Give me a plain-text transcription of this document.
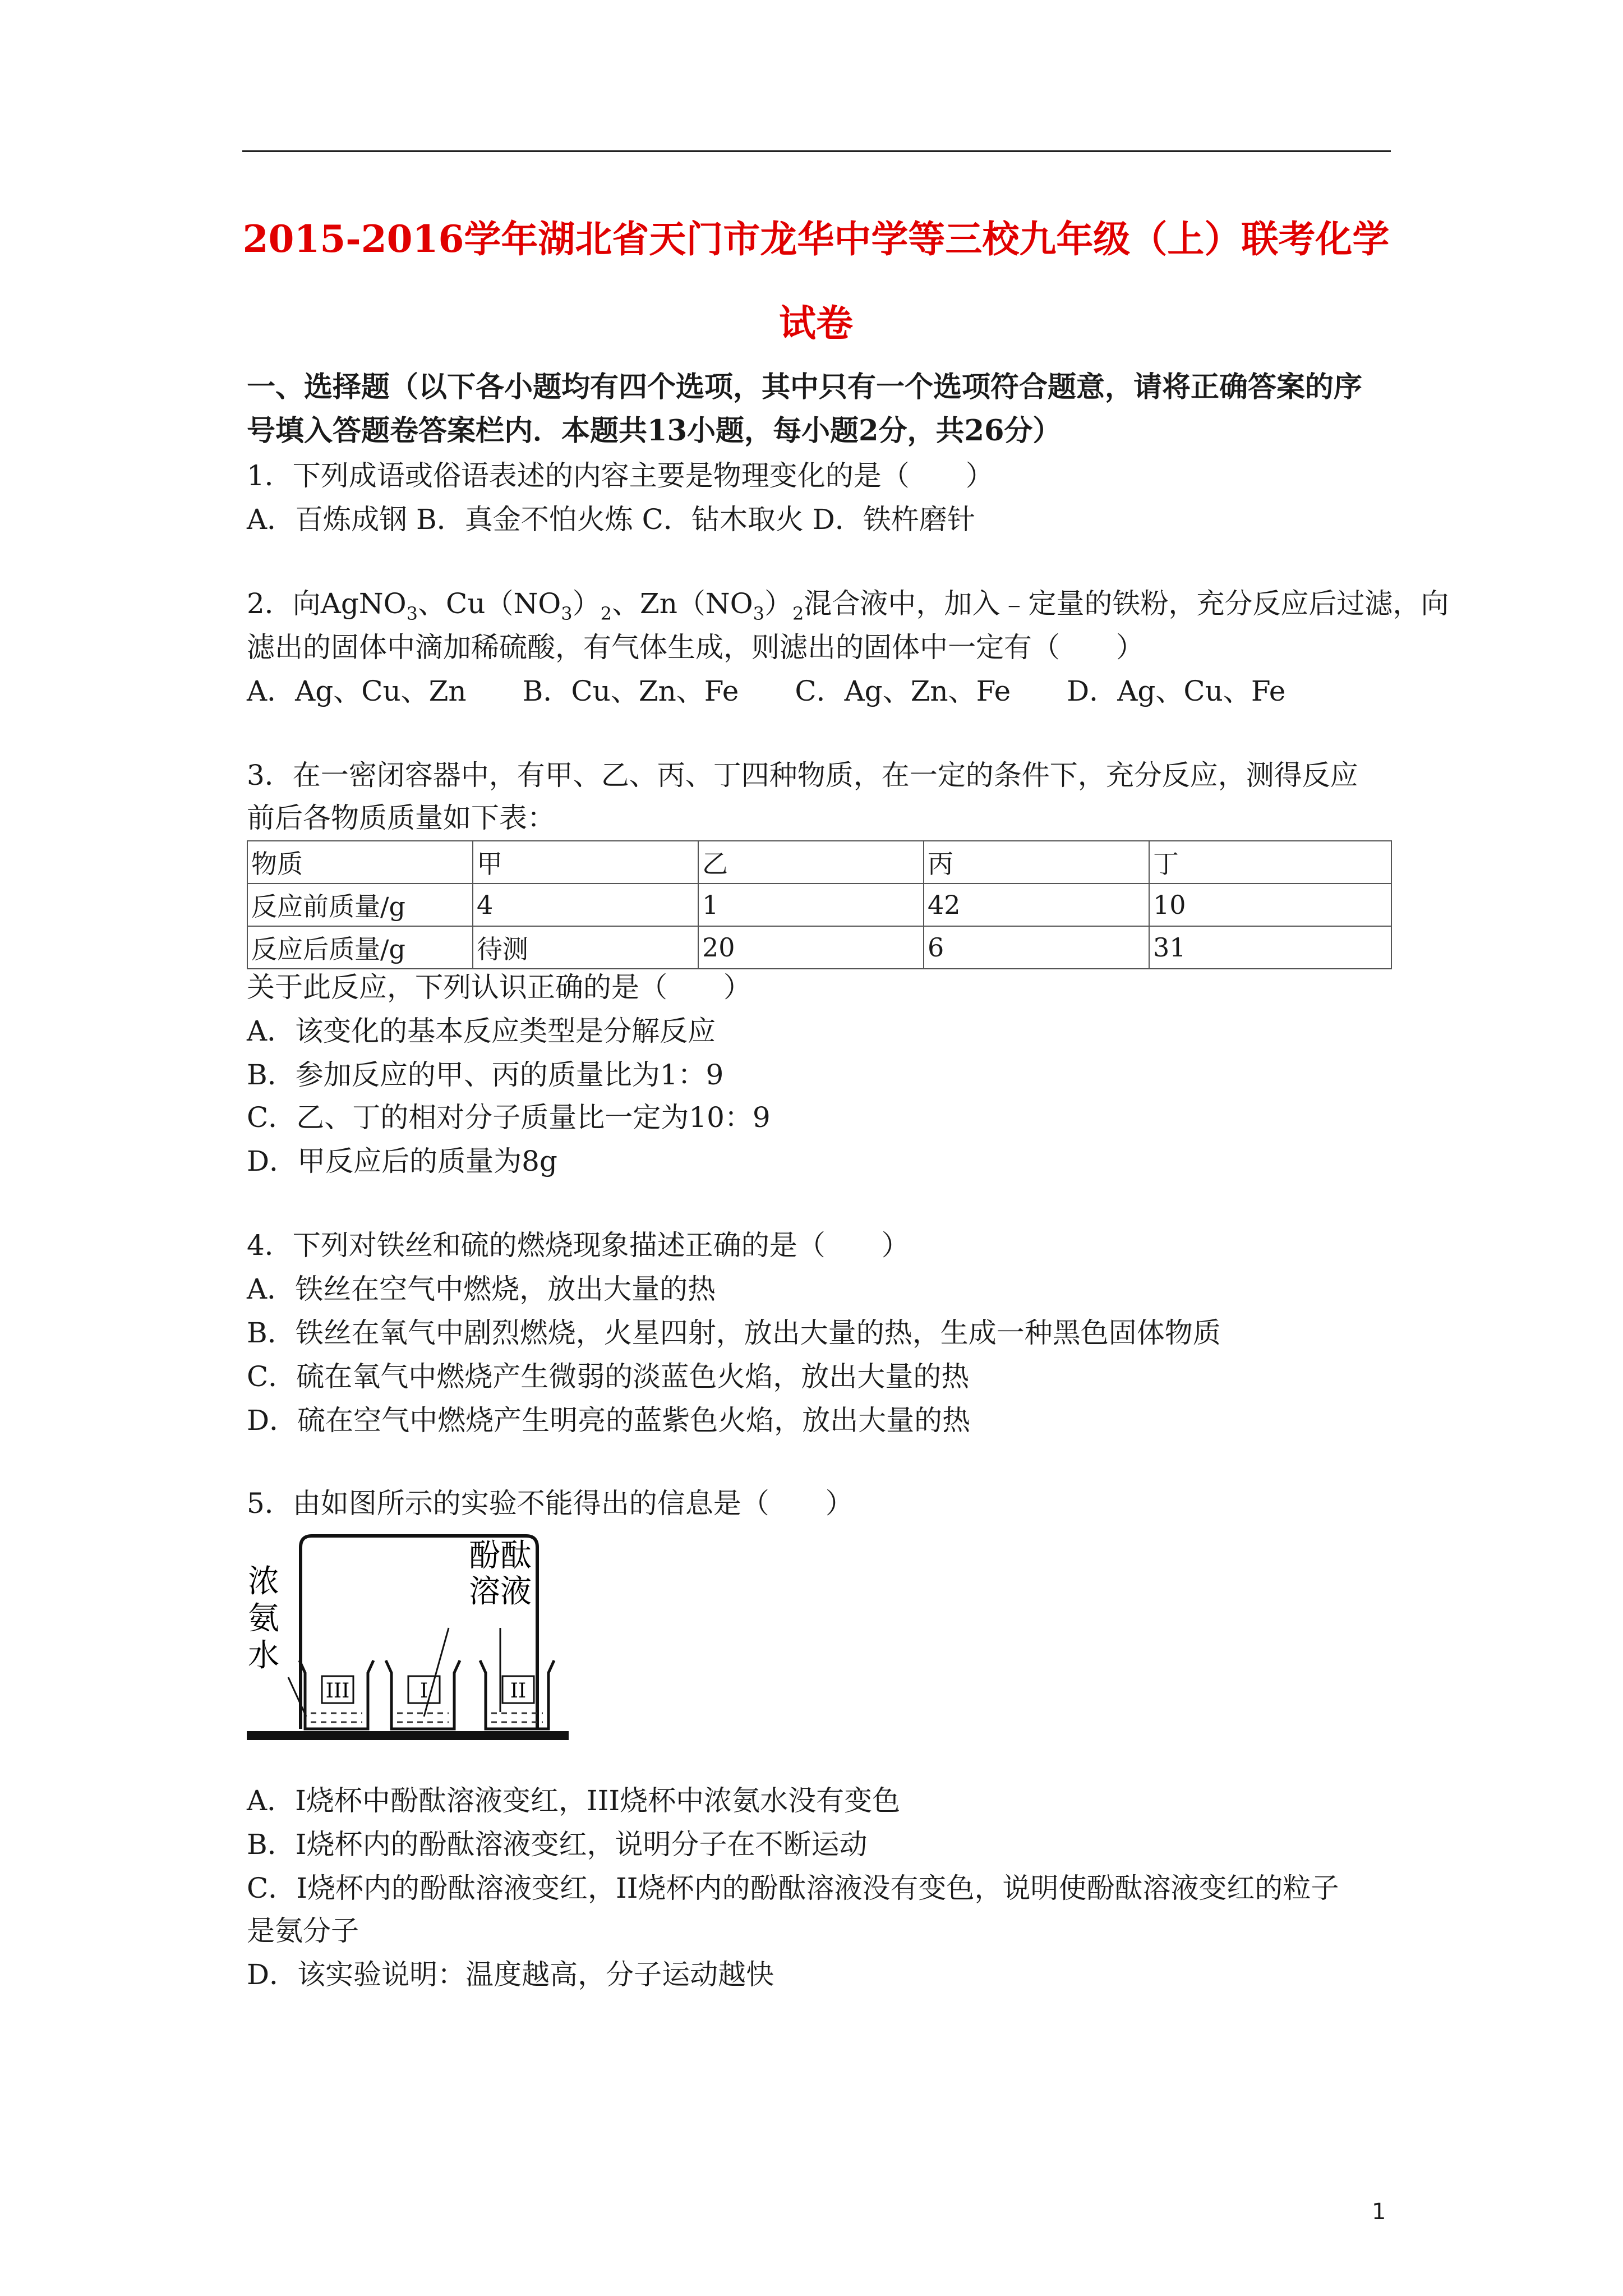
2015-2016学年湖北省天门市龙华中学等三校九年级（上）联考化学
试卷

一、选择题（以下各小题均有四个选项，其中只有一个选项符合题意，请将正确答案的序

号填入答题卷答案栏内．本题共13小题，每小题2分，共26分）

1．下列成语或俗语表述的内容主要是物理变化的是（　　）

A．百炼成钢 B．真金不怕火炼 C．钻木取火 D．铁杵磨针

2．向AgNO$_3$、$Cu(NO_3)_2$、$Zn(NO_3)_2$混合液中，加入﹣定量的铁粉，充分反应后过滤，向

滤出的固体中滴加稀硫酸，有气体生成，则滤出的固体中一定有（　　）

A．Ag、Cu、Zn　　B．Cu、Zn、Fe　　C．Ag、Zn、Fe　　D．Ag、Cu、Fe

3．在一密闭容器中，有甲、乙、丙、丁四种物质，在一定的条件下，充分反应，测得反应

前后各物质质量如下表：

物质	甲	乙	丙	丁
反应前质量/g	4	1	42	10
反应后质量/g	待测	20	6	31

关于此反应，下列认识正确的是（　　）

A．该变化的基本反应类型是分解反应

B．参加反应的甲、丙的质量比为1：9

C．乙、丁的相对分子质量比一定为10：9

D．甲反应后的质量为8g

4．下列对铁丝和硫的燃烧现象描述正确的是（　　）

A．铁丝在空气中燃烧，放出大量的热

B．铁丝在氧气中剧烈燃烧，火星四射，放出大量的热，生成一种黑色固体物质

C．硫在氧气中燃烧产生微弱的淡蓝色火焰，放出大量的热

D．硫在空气中燃烧产生明亮的蓝紫色火焰，放出大量的热

5．由如图所示的实验不能得出的信息是（　　）

浓
氨
水
酚酞
溶液
III	I	II

A．I烧杯中酚酞溶液变红，III烧杯中浓氨水没有变色

B．I烧杯内的酚酞溶液变红，说明分子在不断运动

C．I烧杯内的酚酞溶液变红，II烧杯内的酚酞溶液没有变色，说明使酚酞溶液变红的粒子

是氨分子

D．该实验说明：温度越高，分子运动越快

1
